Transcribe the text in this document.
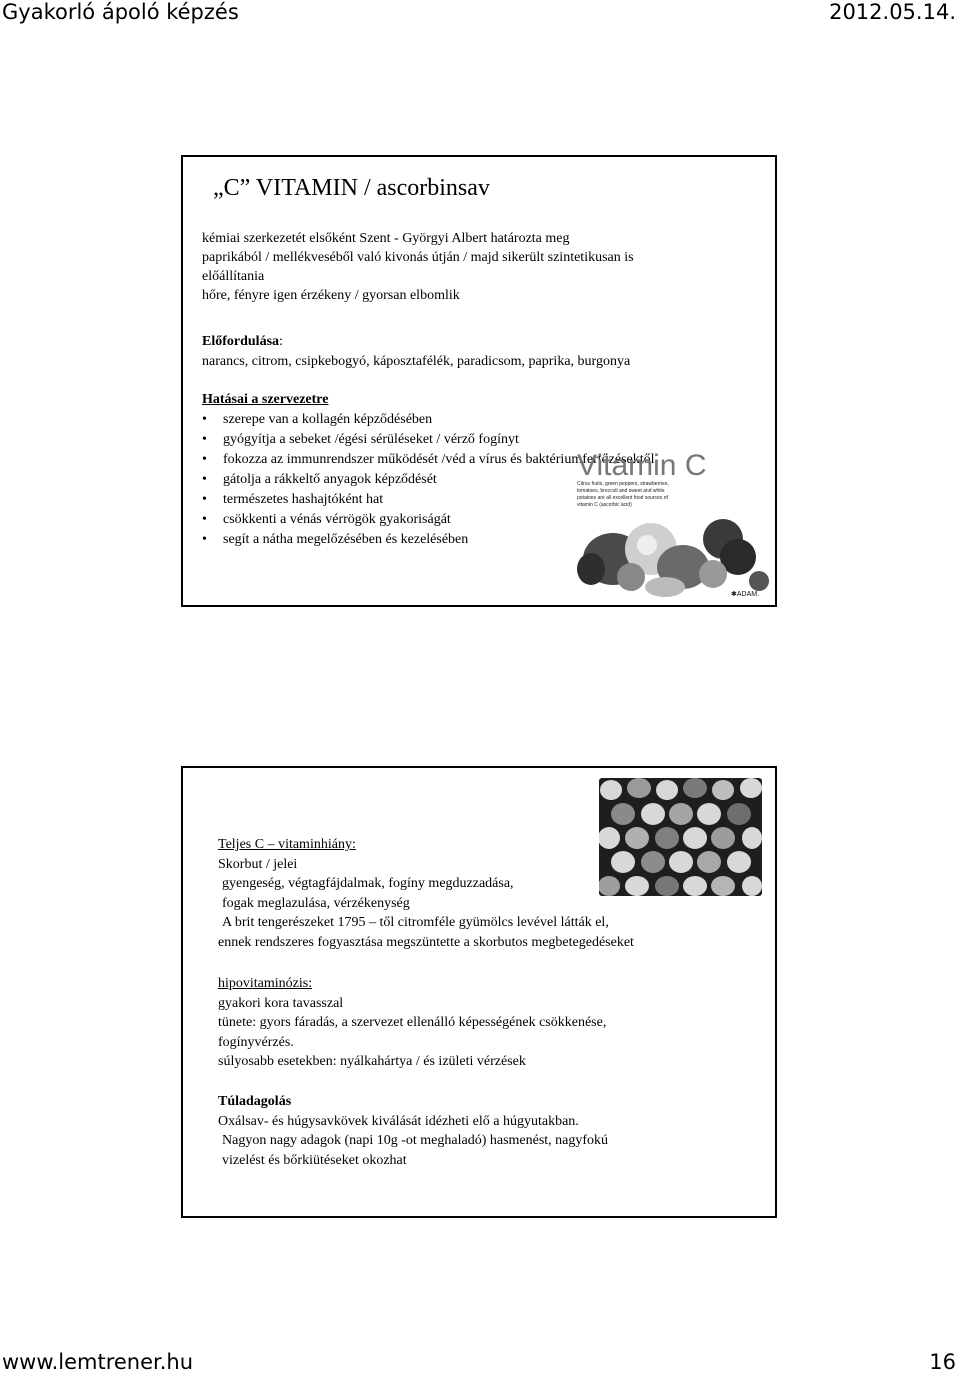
Gyakorló ápoló képzés	2012.05.14.
„C” VITAMIN / ascorbinsav
kémiai szerkezetét elsőként Szent - Györgyi Albert határozta meg
paprikából / mellékveséből való kivonás útján / majd sikerült szintetikusan is
előállítania
hőre, fényre igen érzékeny / gyorsan elbomlik
Előfordulása:
narancs, citrom, csipkebogyó, káposztafélék, paradicsom, paprika, burgonya
Hatásai a szervezetre
• szerepe van a kollagén képződésében
• gyógyítja a sebeket /égési sérüléseket / vérző fogínyt
• fokozza az immunrendszer működését /véd a vírus és baktériumfertőzésektől
• gátolja a rákkeltő anyagok képződését
• természetes hashajtóként hat
• csökkenti a vénás vérrögök gyakoriságát
• segít a nátha megelőzésében és kezelésében
Vitamin C
Citrus fruits, green peppers, strawberries,
tomatoes, broccoli and sweet and white
potatoes are all excellent food sources of
vitamin C (ascorbic acid)
✱ADAM.
Teljes C – vitaminhiány:
Skorbut / jelei
gyengeség, végtagfájdalmak, fogíny megduzzadása,
fogak meglazulása, vérzékenység
A brit tengerészeket 1795 – től citromféle gyümölcs levével látták el,
ennek rendszeres fogyasztása megszüntette a skorbutos megbetegedéseket
hipovitaminózis:
gyakori kora tavasszal
tünete: gyors fáradás, a szervezet ellenálló képességének csökkenése,
fogínyvérzés.
súlyosabb esetekben: nyálkahártya / és izületi vérzések
Túladagolás
Oxálsav- és húgysavkövek kiválását idézheti elő a húgyutakban.
Nagyon nagy adagok (napi 10g -ot meghaladó) hasmenést, nagyfokú
vizelést és bőrkiütéseket okozhat
www.lemtrener.hu	16
